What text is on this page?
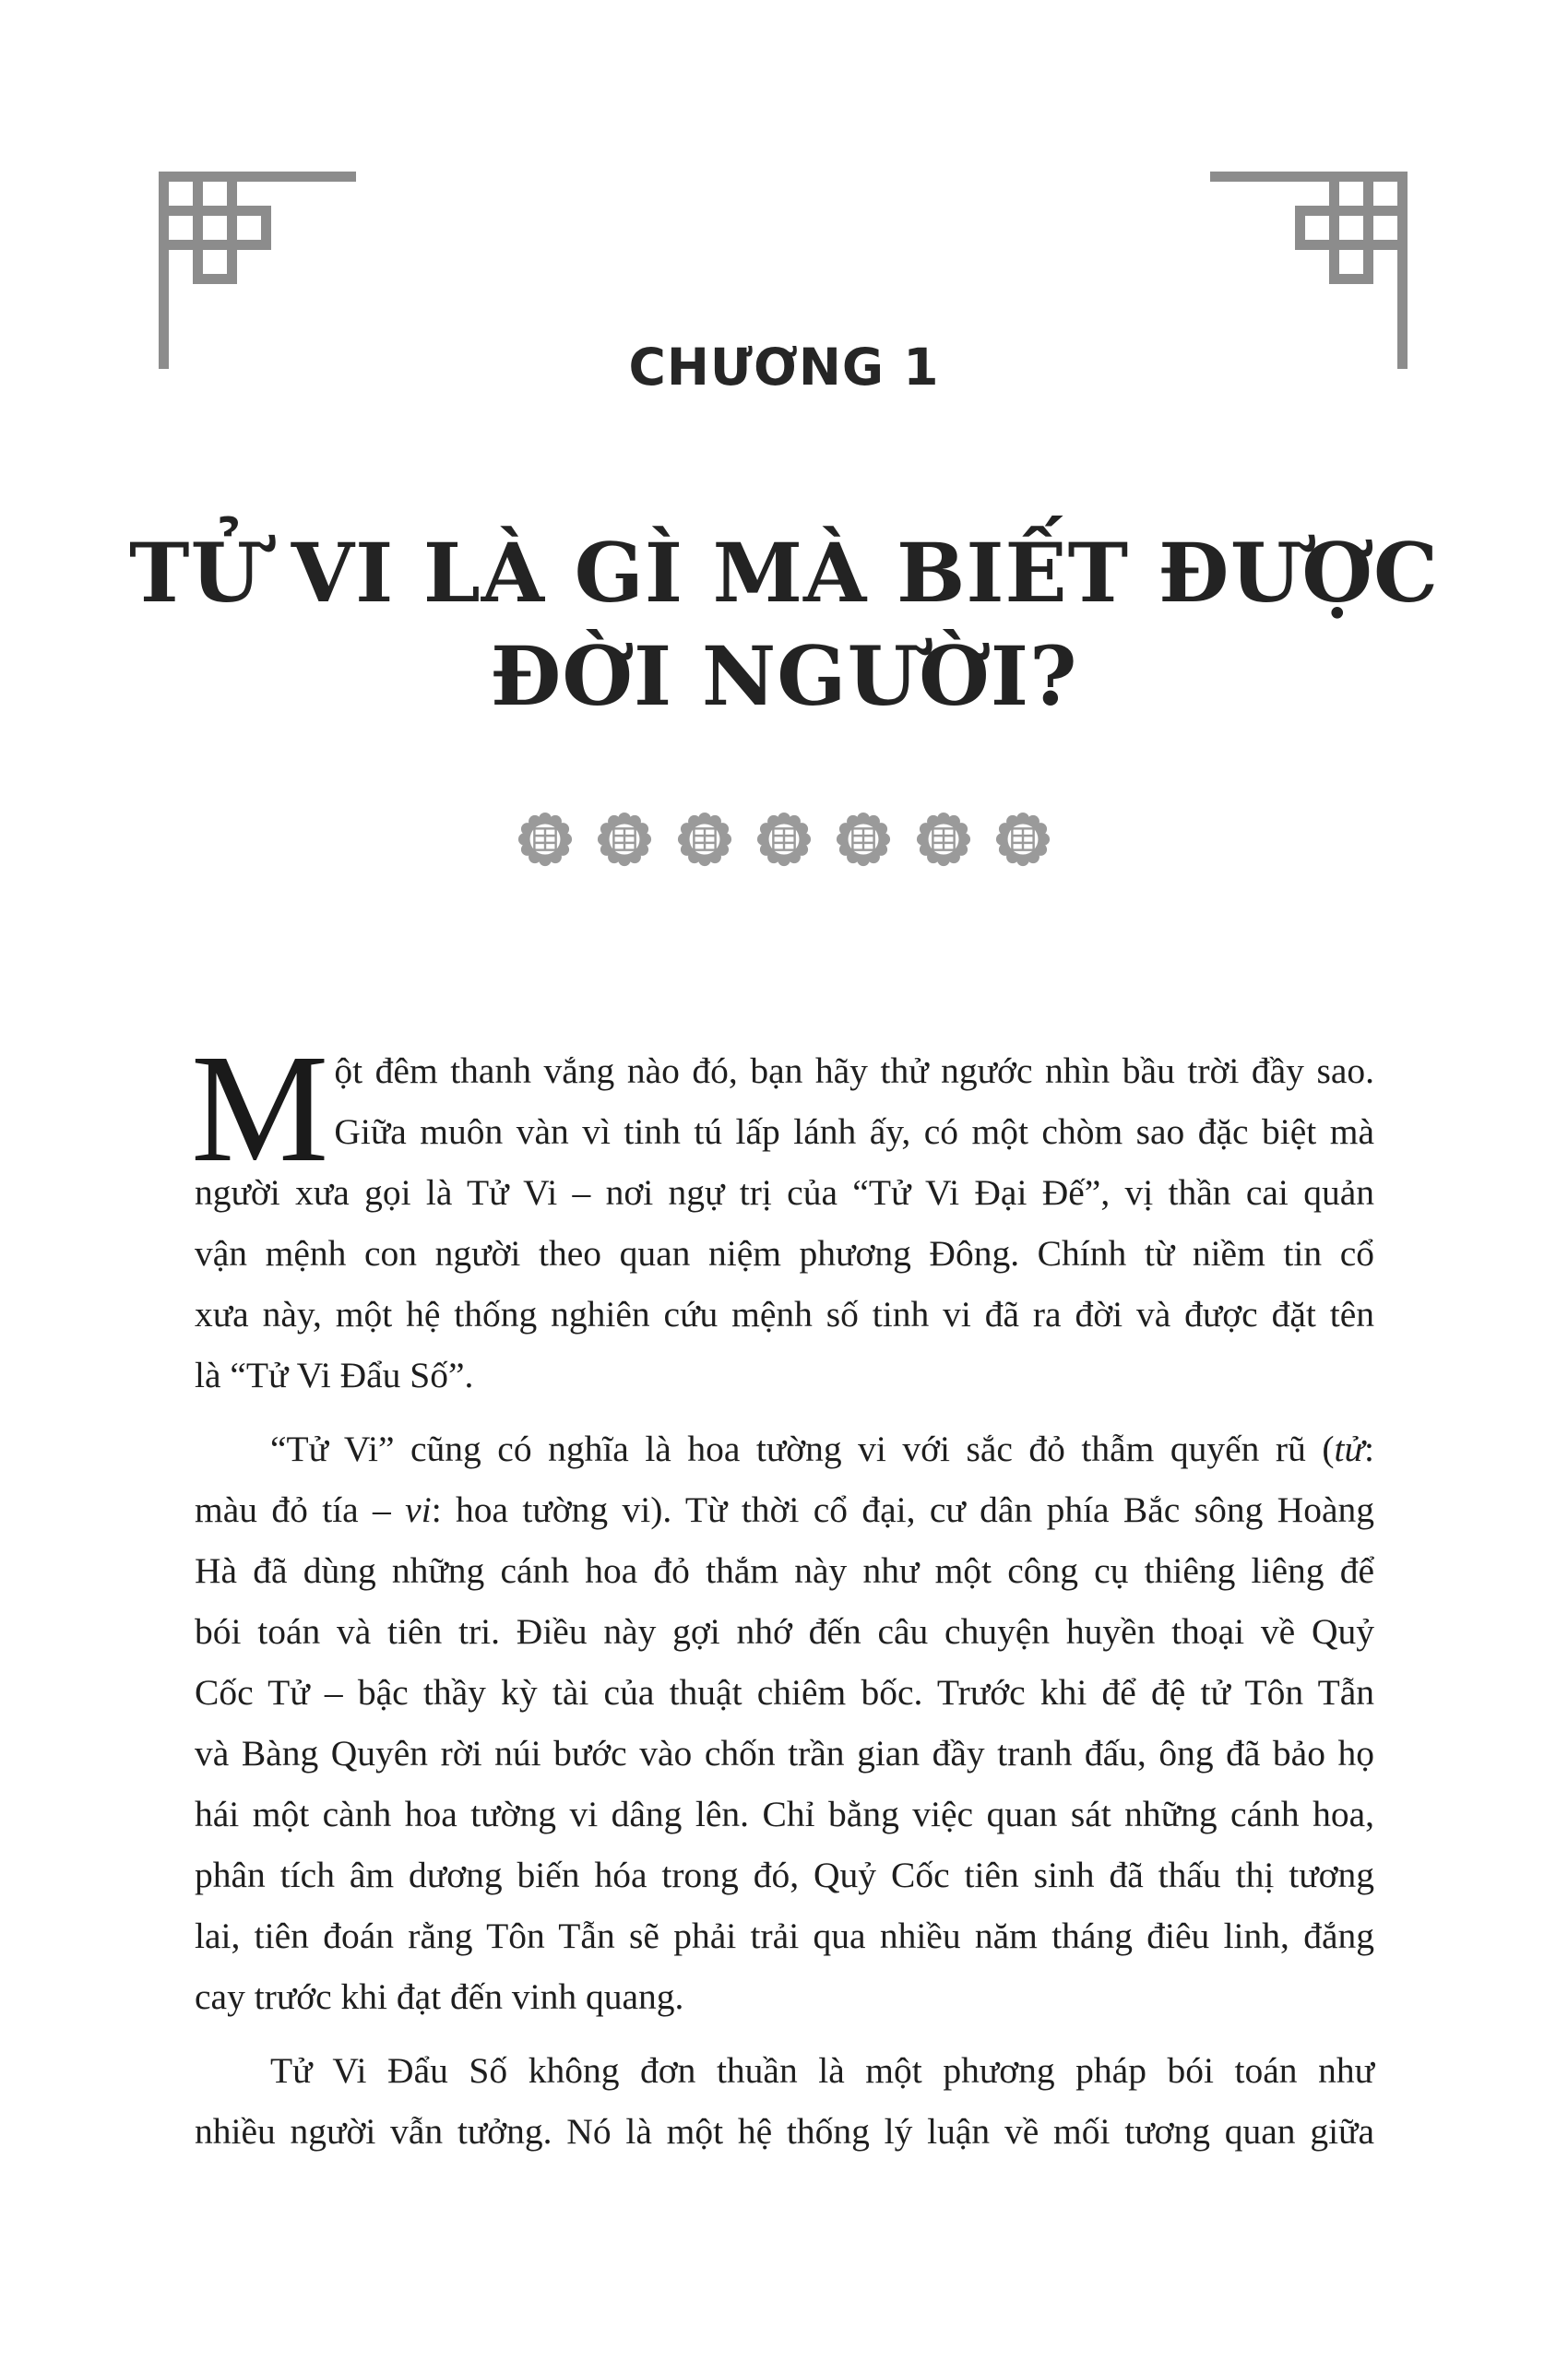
CHƯƠNG 1
TỬ VI LÀ GÌ MÀ BIẾT ĐƯỢC
ĐỜI NGƯỜI?

M ột đêm thanh vắng nào đó, bạn hãy thử ngước nhìn bầu trời đầy sao.
Giữa muôn vàn vì tinh tú lấp lánh ấy, có một chòm sao đặc biệt mà
người xưa gọi là Tử Vi – nơi ngự trị của “Tử Vi Đại Đế”, vị thần cai quản
vận mệnh con người theo quan niệm phương Đông. Chính từ niềm tin cổ
xưa này, một hệ thống nghiên cứu mệnh số tinh vi đã ra đời và được đặt tên
là “Tử Vi Đẩu Số”.

“Tử Vi” cũng có nghĩa là hoa tường vi với sắc đỏ thẫm quyến rũ (tử:
màu đỏ tía – vi: hoa tường vi). Từ thời cổ đại, cư dân phía Bắc sông Hoàng
Hà đã dùng những cánh hoa đỏ thắm này như một công cụ thiêng liêng để
bói toán và tiên tri. Điều này gợi nhớ đến câu chuyện huyền thoại về Quỷ
Cốc Tử – bậc thầy kỳ tài của thuật chiêm bốc. Trước khi để đệ tử Tôn Tẫn
và Bàng Quyên rời núi bước vào chốn trần gian đầy tranh đấu, ông đã bảo họ
hái một cành hoa tường vi dâng lên. Chỉ bằng việc quan sát những cánh hoa,
phân tích âm dương biến hóa trong đó, Quỷ Cốc tiên sinh đã thấu thị tương
lai, tiên đoán rằng Tôn Tẫn sẽ phải trải qua nhiều năm tháng điêu linh, đắng
cay trước khi đạt đến vinh quang.

Tử Vi Đẩu Số không đơn thuần là một phương pháp bói toán như
nhiều người vẫn tưởng. Nó là một hệ thống lý luận về mối tương quan giữa
